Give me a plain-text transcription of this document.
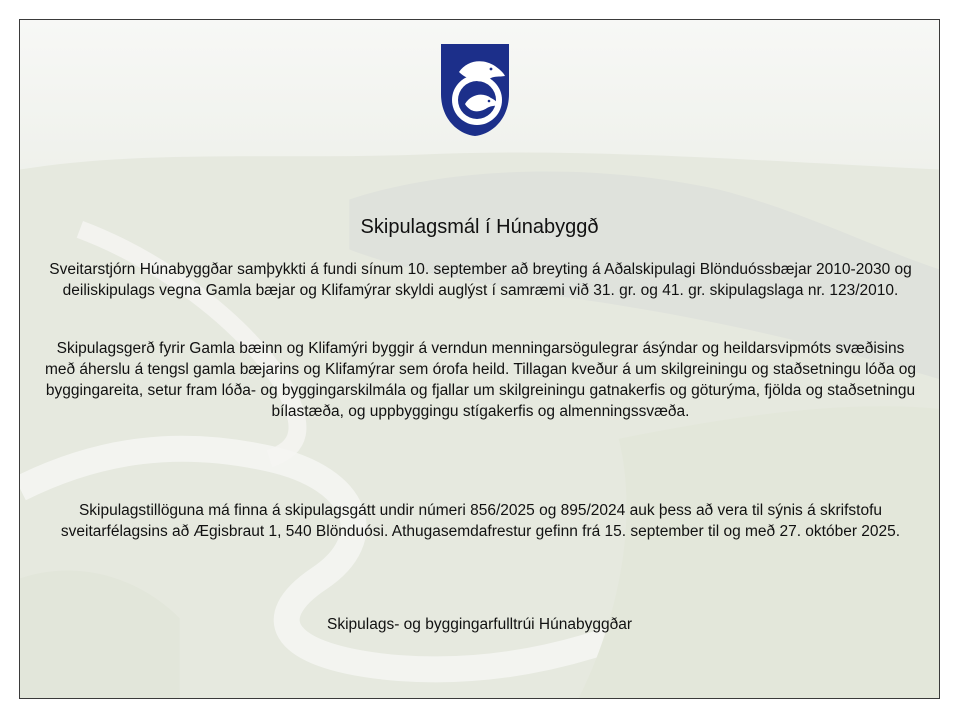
Skipulagsmál í Húnabyggð

Sveitarstjórn Húnabyggðar samþykkti á fundi sínum 10. september að breyting á Aðalskipulagi Blönduóssbæjar 2010-2030 og deiliskipulags vegna Gamla bæjar og Klifamýrar skyldi auglýst í samræmi við 31. gr. og 41. gr. skipulagslaga nr. 123/2010.

Skipulagsgerð fyrir Gamla bæinn og Klifamýri byggir á verndun menningarsögulegrar ásýndar og heildarsvipmóts svæðisins með áherslu á tengsl gamla bæjarins og Klifamýrar sem órofa heild. Tillagan kveður á um skilgreiningu og staðsetningu lóða og byggingareita, setur fram lóða- og byggingarskilmála og fjallar um skilgreiningu gatnakerfis og göturýma, fjölda og staðsetningu bílastæða, og uppbyggingu stígakerfis og almenningssvæða.

Skipulagstillöguna má finna á skipulagsgátt undir númeri 856/2025 og 895/2024 auk þess að vera til sýnis á skrifstofu sveitarfélagsins að Ægisbraut 1, 540 Blönduósi. Athugasemdafrestur gefinn frá 15. september til og með 27. október 2025.

Skipulags- og byggingarfulltrúi Húnabyggðar
